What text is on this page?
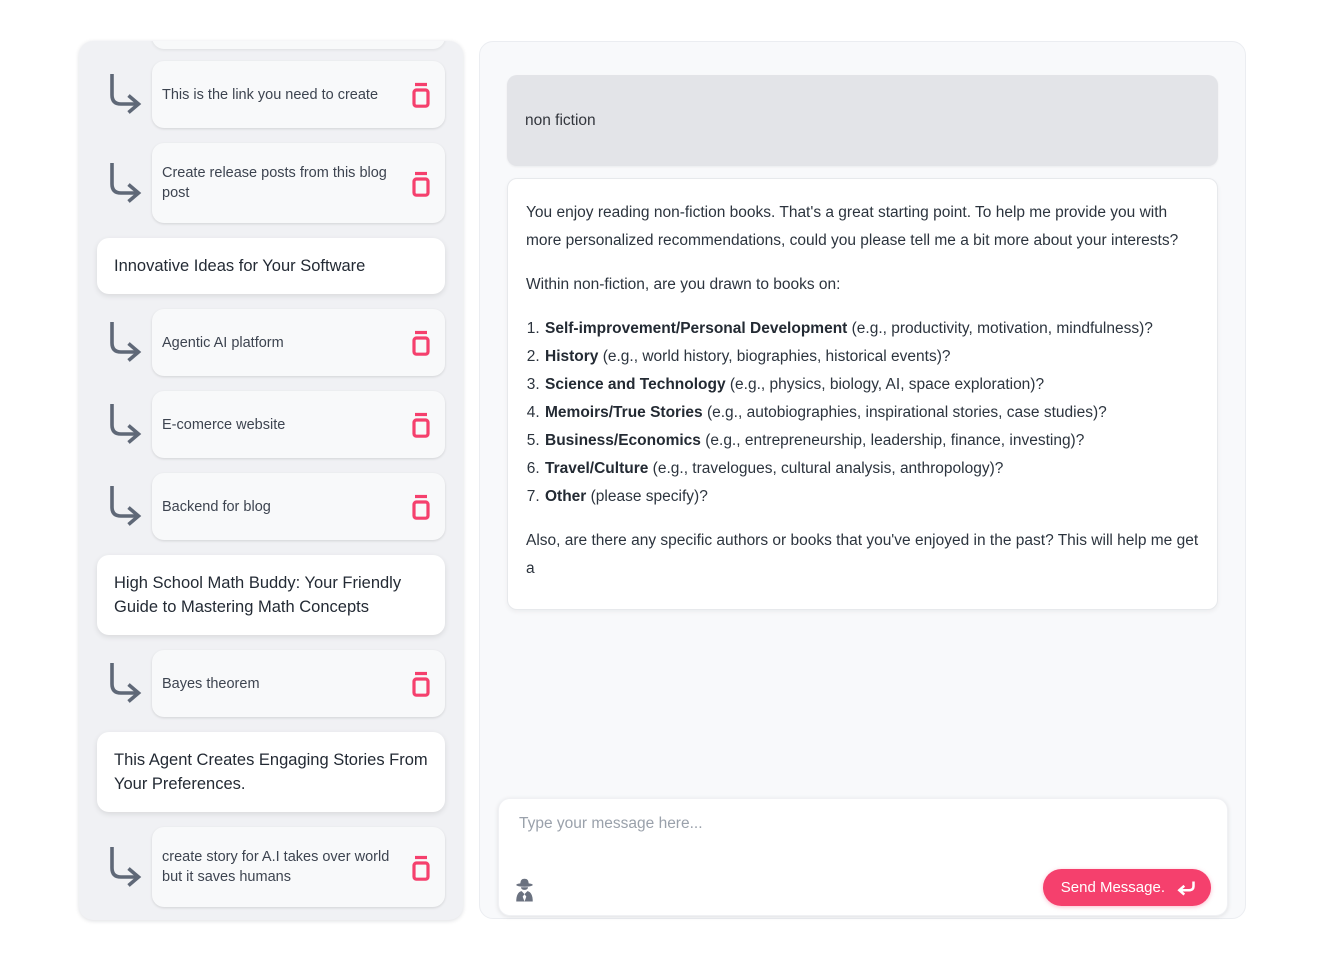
This is the link you need to create
Create release posts from this blog post
Innovative Ideas for Your Software
Agentic AI platform
E-comerce website
Backend for blog
High School Math Buddy: Your Friendly Guide to Mastering Math Concepts
Bayes theorem
This Agent Creates Engaging Stories From Your Preferences.
create story for A.I takes over world but it saves humans
non fiction

You enjoy reading non-fiction books. That's a great starting point. To help me provide you with more personalized recommendations, could you please tell me a bit more about your interests?

Within non-fiction, are you drawn to books on:

1. Self-improvement/Personal Development (e.g., productivity, motivation, mindfulness)?
2. History (e.g., world history, biographies, historical events)?
3. Science and Technology (e.g., physics, biology, AI, space exploration)?
4. Memoirs/True Stories (e.g., autobiographies, inspirational stories, case studies)?
5. Business/Economics (e.g., entrepreneurship, leadership, finance, investing)?
6. Travel/Culture (e.g., travelogues, cultural analysis, anthropology)?
7. Other (please specify)?

Also, are there any specific authors or books that you've enjoyed in the past? This will help me get a

Type your message here...
Send Message.
